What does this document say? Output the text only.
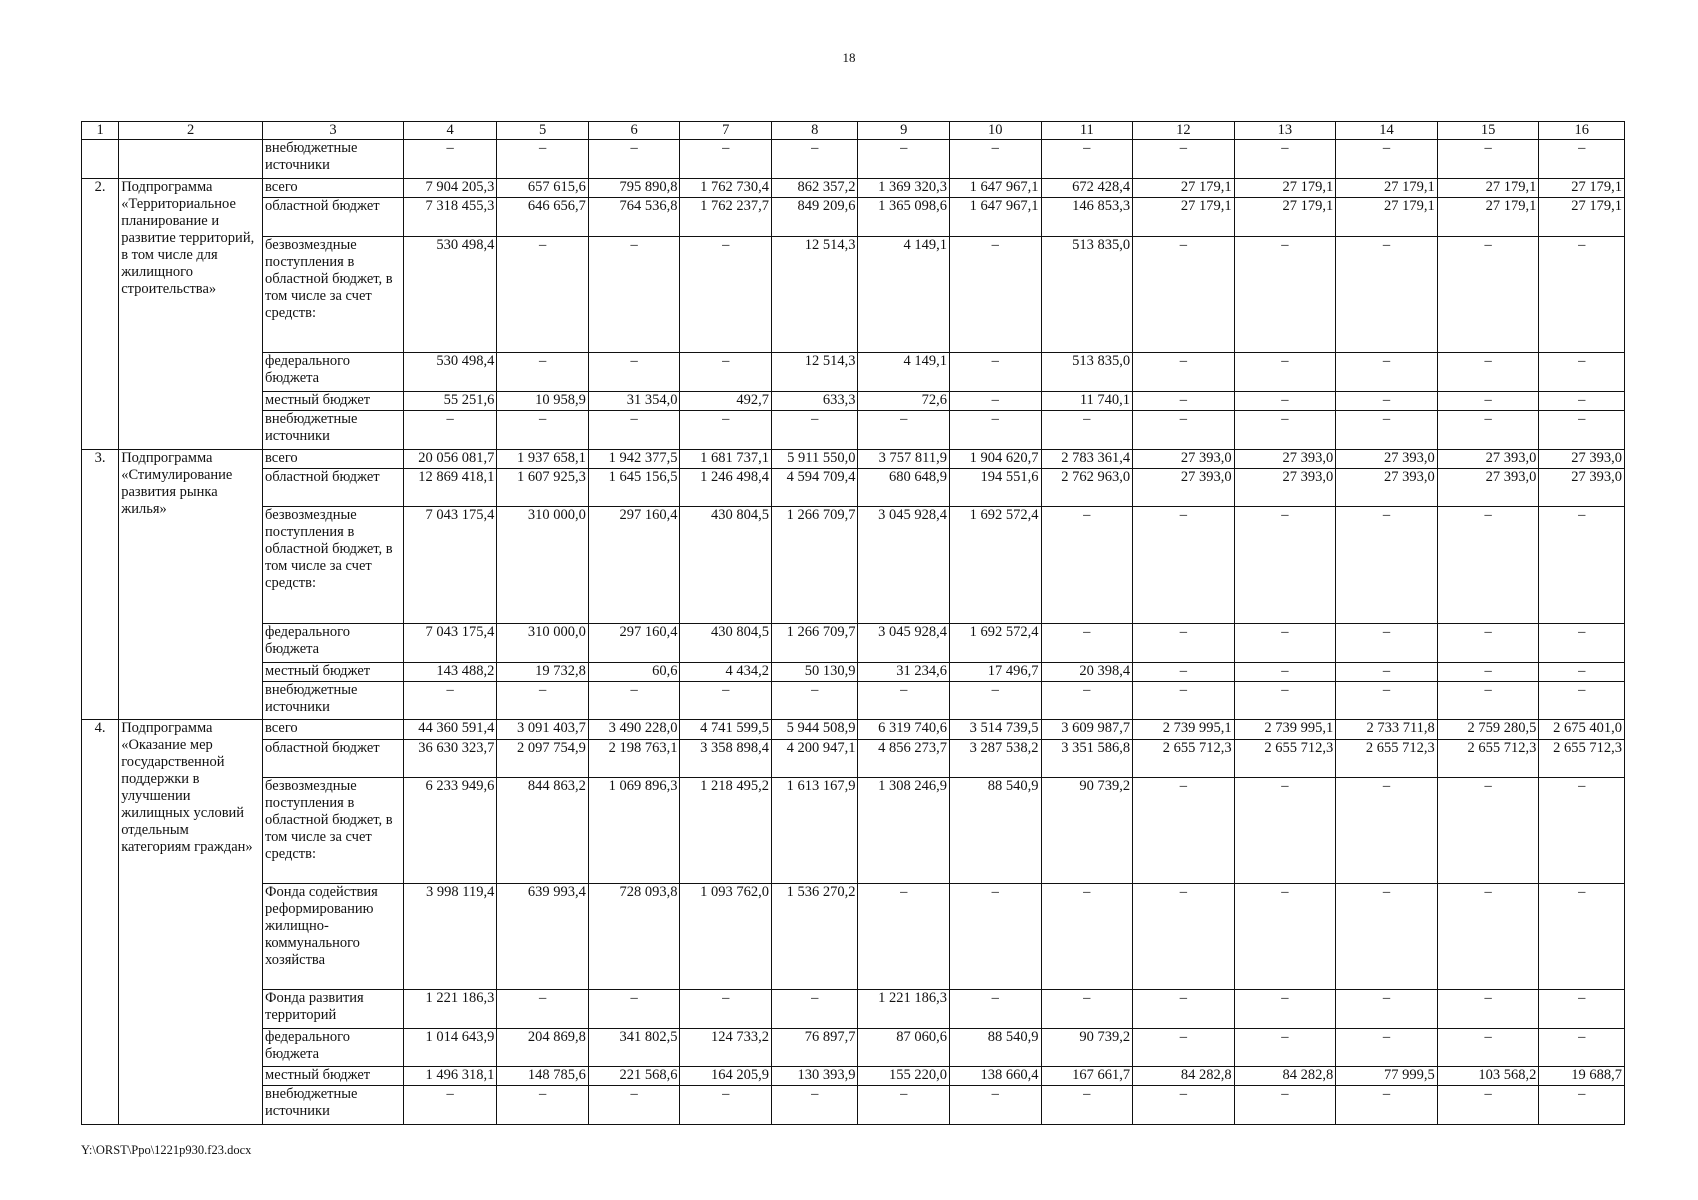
18
1	2	3	4	5	6	7	8	9	10	11	12	13	14	15	16
		внебюджетные источники	–	–	–	–	–	–	–	–	–	–	–	–	–
2.	Подпрограмма «Территориальное планирование и развитие территорий, в том числе для жилищного строительства»	всего	7 904 205,3	657 615,6	795 890,8	1 762 730,4	862 357,2	1 369 320,3	1 647 967,1	672 428,4	27 179,1	27 179,1	27 179,1	27 179,1	27 179,1
		областной бюджет	7 318 455,3	646 656,7	764 536,8	1 762 237,7	849 209,6	1 365 098,6	1 647 967,1	146 853,3	27 179,1	27 179,1	27 179,1	27 179,1	27 179,1
		безвозмездные поступления в областной бюджет, в том числе за счет средств:	530 498,4	–	–	–	12 514,3	4 149,1	–	513 835,0	–	–	–	–	–
		федерального бюджета	530 498,4	–	–	–	12 514,3	4 149,1	–	513 835,0	–	–	–	–	–
		местный бюджет	55 251,6	10 958,9	31 354,0	492,7	633,3	72,6	–	11 740,1	–	–	–	–	–
		внебюджетные источники	–	–	–	–	–	–	–	–	–	–	–	–	–
3.	Подпрограмма «Стимулирование развития рынка жилья»	всего	20 056 081,7	1 937 658,1	1 942 377,5	1 681 737,1	5 911 550,0	3 757 811,9	1 904 620,7	2 783 361,4	27 393,0	27 393,0	27 393,0	27 393,0	27 393,0
		областной бюджет	12 869 418,1	1 607 925,3	1 645 156,5	1 246 498,4	4 594 709,4	680 648,9	194 551,6	2 762 963,0	27 393,0	27 393,0	27 393,0	27 393,0	27 393,0
		безвозмездные поступления в областной бюджет, в том числе за счет средств:	7 043 175,4	310 000,0	297 160,4	430 804,5	1 266 709,7	3 045 928,4	1 692 572,4	–	–	–	–	–	–
		федерального бюджета	7 043 175,4	310 000,0	297 160,4	430 804,5	1 266 709,7	3 045 928,4	1 692 572,4	–	–	–	–	–	–
		местный бюджет	143 488,2	19 732,8	60,6	4 434,2	50 130,9	31 234,6	17 496,7	20 398,4	–	–	–	–	–
		внебюджетные источники	–	–	–	–	–	–	–	–	–	–	–	–	–
4.	Подпрограмма «Оказание мер государственной поддержки в улучшении жилищных условий отдельным категориям граждан»	всего	44 360 591,4	3 091 403,7	3 490 228,0	4 741 599,5	5 944 508,9	6 319 740,6	3 514 739,5	3 609 987,7	2 739 995,1	2 739 995,1	2 733 711,8	2 759 280,5	2 675 401,0
		областной бюджет	36 630 323,7	2 097 754,9	2 198 763,1	3 358 898,4	4 200 947,1	4 856 273,7	3 287 538,2	3 351 586,8	2 655 712,3	2 655 712,3	2 655 712,3	2 655 712,3	2 655 712,3
		безвозмездные поступления в областной бюджет, в том числе за счет средств:	6 233 949,6	844 863,2	1 069 896,3	1 218 495,2	1 613 167,9	1 308 246,9	88 540,9	90 739,2	–	–	–	–	–
		Фонда содействия реформированию жилищно-коммунального хозяйства	3 998 119,4	639 993,4	728 093,8	1 093 762,0	1 536 270,2	–	–	–	–	–	–	–	–
		Фонда развития территорий	1 221 186,3	–	–	–	–	1 221 186,3	–	–	–	–	–	–	–
		федерального бюджета	1 014 643,9	204 869,8	341 802,5	124 733,2	76 897,7	87 060,6	88 540,9	90 739,2	–	–	–	–	–
		местный бюджет	1 496 318,1	148 785,6	221 568,6	164 205,9	130 393,9	155 220,0	138 660,4	167 661,7	84 282,8	84 282,8	77 999,5	103 568,2	19 688,7
		внебюджетные источники	–	–	–	–	–	–	–	–	–	–	–	–	–
Y:\ORST\Ppo\1221p930.f23.docx
